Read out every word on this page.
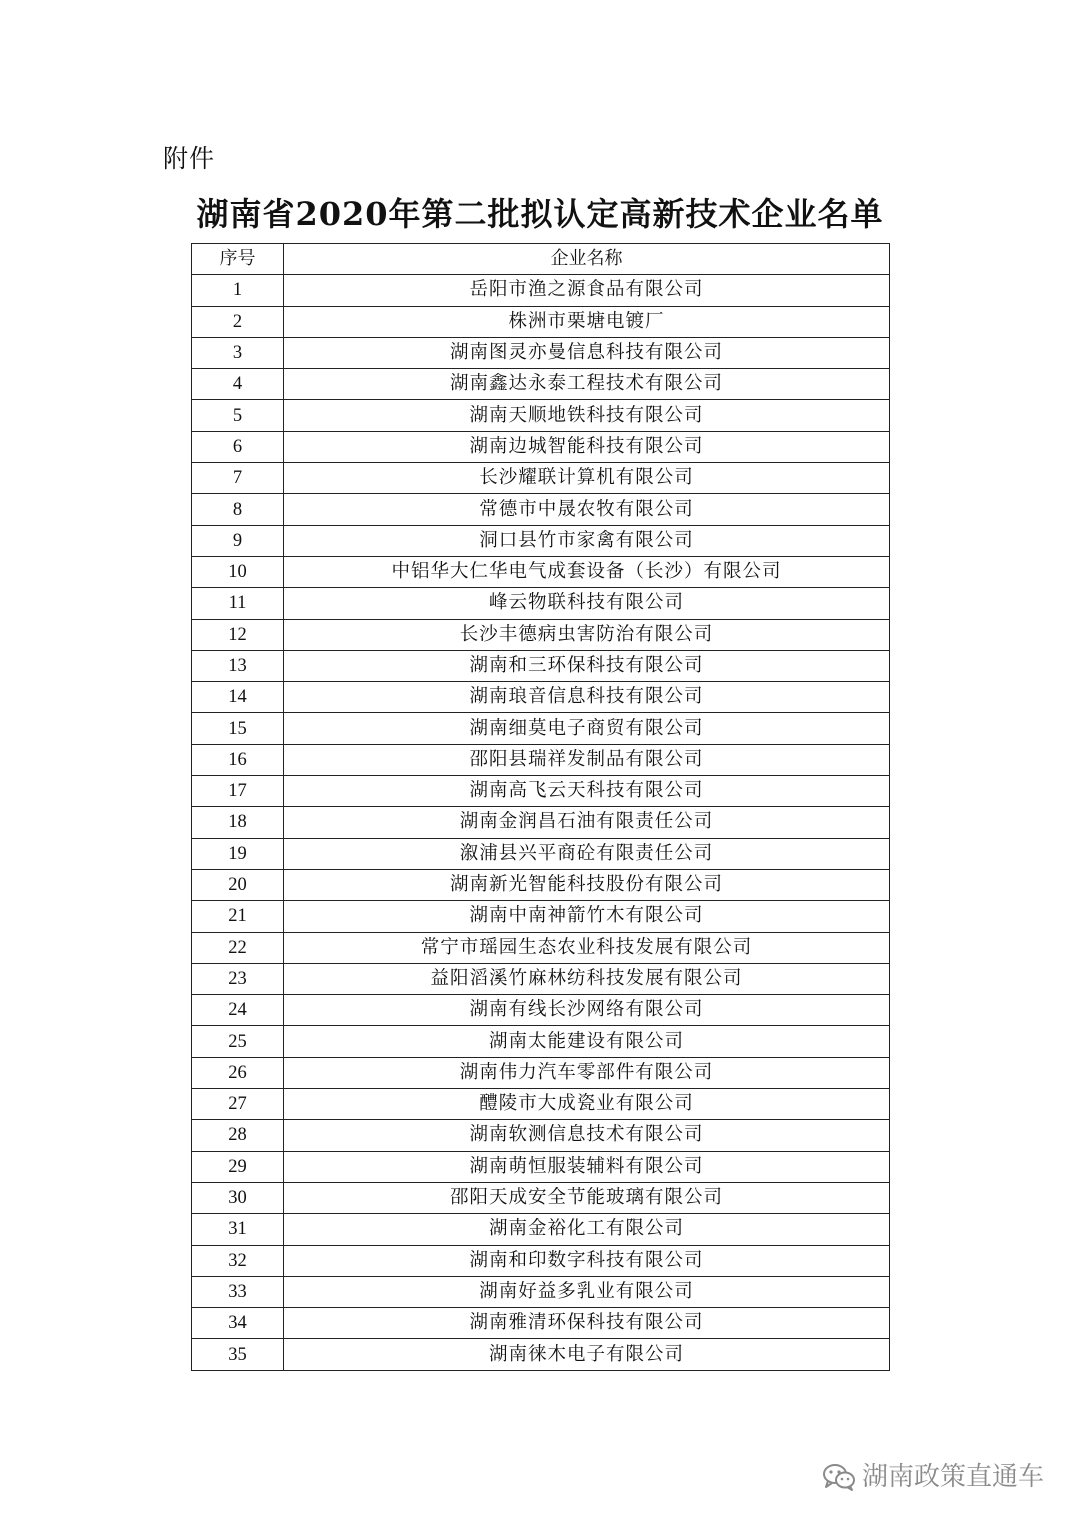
附件
湖南省2020年第二批拟认定高新技术企业名单
序号	企业名称
1	岳阳市渔之源食品有限公司
2	株洲市栗塘电镀厂
3	湖南图灵亦曼信息科技有限公司
4	湖南鑫达永泰工程技术有限公司
5	湖南天顺地铁科技有限公司
6	湖南边城智能科技有限公司
7	长沙耀联计算机有限公司
8	常德市中晟农牧有限公司
9	洞口县竹市家禽有限公司
10	中铝华大仁华电气成套设备（长沙）有限公司
11	峰云物联科技有限公司
12	长沙丰德病虫害防治有限公司
13	湖南和三环保科技有限公司
14	湖南琅音信息科技有限公司
15	湖南细莫电子商贸有限公司
16	邵阳县瑞祥发制品有限公司
17	湖南高飞云天科技有限公司
18	湖南金润昌石油有限责任公司
19	溆浦县兴平商砼有限责任公司
20	湖南新光智能科技股份有限公司
21	湖南中南神箭竹木有限公司
22	常宁市瑶园生态农业科技发展有限公司
23	益阳滔溪竹麻林纺科技发展有限公司
24	湖南有线长沙网络有限公司
25	湖南太能建设有限公司
26	湖南伟力汽车零部件有限公司
27	醴陵市大成瓷业有限公司
28	湖南软测信息技术有限公司
29	湖南萌恒服装辅料有限公司
30	邵阳天成安全节能玻璃有限公司
31	湖南金裕化工有限公司
32	湖南和印数字科技有限公司
33	湖南好益多乳业有限公司
34	湖南雅清环保科技有限公司
35	湖南徕木电子有限公司
湖南政策直通车
